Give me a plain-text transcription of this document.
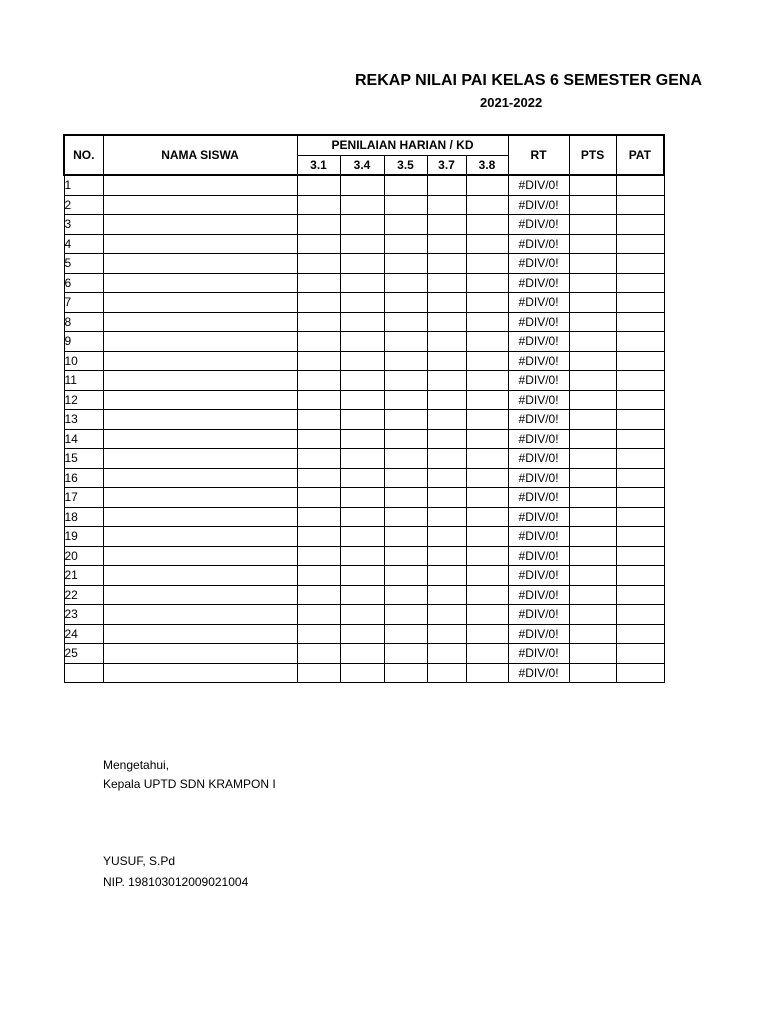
REKAP NILAI PAI KELAS 6 SEMESTER GENA
2021-2022
NO.	NAMA SISWA	PENILAIAN HARIAN / KD					RT	PTS	PAT
		3.1	3.4	3.5	3.7	3.8			
1							#DIV/0!		
2							#DIV/0!		
3							#DIV/0!		
4							#DIV/0!		
5							#DIV/0!		
6							#DIV/0!		
7							#DIV/0!		
8							#DIV/0!		
9							#DIV/0!		
10							#DIV/0!		
11							#DIV/0!		
12							#DIV/0!		
13							#DIV/0!		
14							#DIV/0!		
15							#DIV/0!		
16							#DIV/0!		
17							#DIV/0!		
18							#DIV/0!		
19							#DIV/0!		
20							#DIV/0!		
21							#DIV/0!		
22							#DIV/0!		
23							#DIV/0!		
24							#DIV/0!		
25							#DIV/0!		
							#DIV/0!		
Mengetahui,
Kepala UPTD SDN KRAMPON I
YUSUF, S.Pd
NIP. 198103012009021004
